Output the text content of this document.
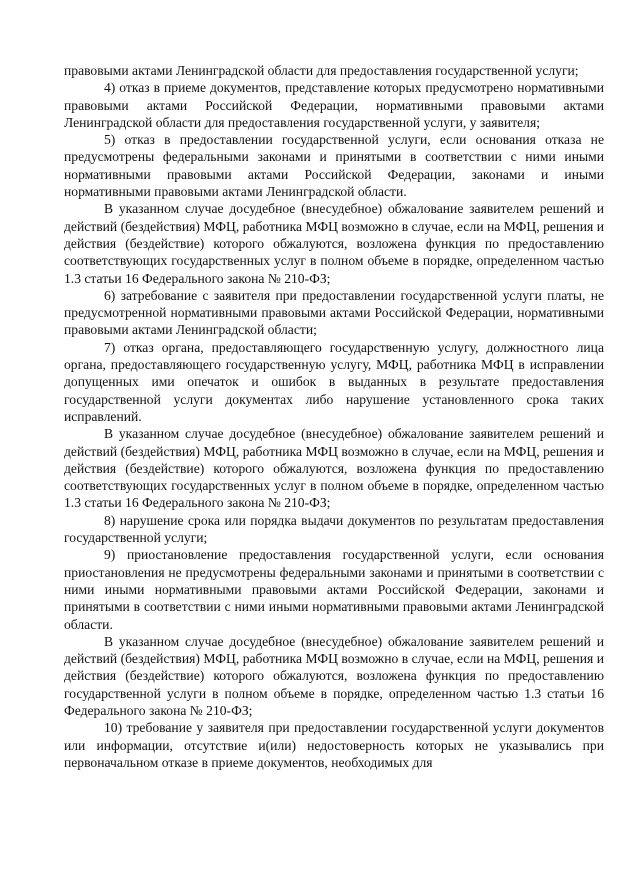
правовыми актами Ленинградской области для предоставления государственной услуги;

4) отказ в приеме документов, представление которых предусмотрено нормативными правовыми актами Российской Федерации, нормативными правовыми актами Ленинградской области для предоставления государственной услуги, у заявителя;

5) отказ в предоставлении государственной услуги, если основания отказа не предусмотрены федеральными законами и принятыми в соответствии с ними иными нормативными правовыми актами Российской Федерации, законами и иными нормативными правовыми актами Ленинградской области.

В указанном случае досудебное (внесудебное) обжалование заявителем решений и действий (бездействия) МФЦ, работника МФЦ возможно в случае, если на МФЦ, решения и действия (бездействие) которого обжалуются, возложена функция по предоставлению соответствующих государственных услуг в полном объеме в порядке, определенном частью 1.3 статьи 16 Федерального закона № 210-ФЗ;

6) затребование с заявителя при предоставлении государственной услуги платы, не предусмотренной нормативными правовыми актами Российской Федерации, нормативными правовыми актами Ленинградской области;

7) отказ органа, предоставляющего государственную услугу, должностного лица органа, предоставляющего государственную услугу, МФЦ, работника МФЦ в исправлении допущенных ими опечаток и ошибок в выданных в результате предоставления государственной услуги документах либо нарушение установленного срока таких исправлений.

В указанном случае досудебное (внесудебное) обжалование заявителем решений и действий (бездействия) МФЦ, работника МФЦ возможно в случае, если на МФЦ, решения и действия (бездействие) которого обжалуются, возложена функция по предоставлению соответствующих государственных услуг в полном объеме в порядке, определенном частью 1.3 статьи 16 Федерального закона № 210-ФЗ;

8) нарушение срока или порядка выдачи документов по результатам предоставления государственной услуги;

9) приостановление предоставления государственной услуги, если основания приостановления не предусмотрены федеральными законами и принятыми в соответствии с ними иными нормативными правовыми актами Российской Федерации, законами и принятыми в соответствии с ними иными нормативными правовыми актами Ленинградской области.

В указанном случае досудебное (внесудебное) обжалование заявителем решений и действий (бездействия) МФЦ, работника МФЦ возможно в случае, если на МФЦ, решения и действия (бездействие) которого обжалуются, возложена функция по предоставлению государственной услуги в полном объеме в порядке, определенном частью 1.3 статьи 16 Федерального закона № 210-ФЗ;

10) требование у заявителя при предоставлении государственной услуги документов или информации, отсутствие и(или) недостоверность которых не указывались при первоначальном отказе в приеме документов, необходимых для
